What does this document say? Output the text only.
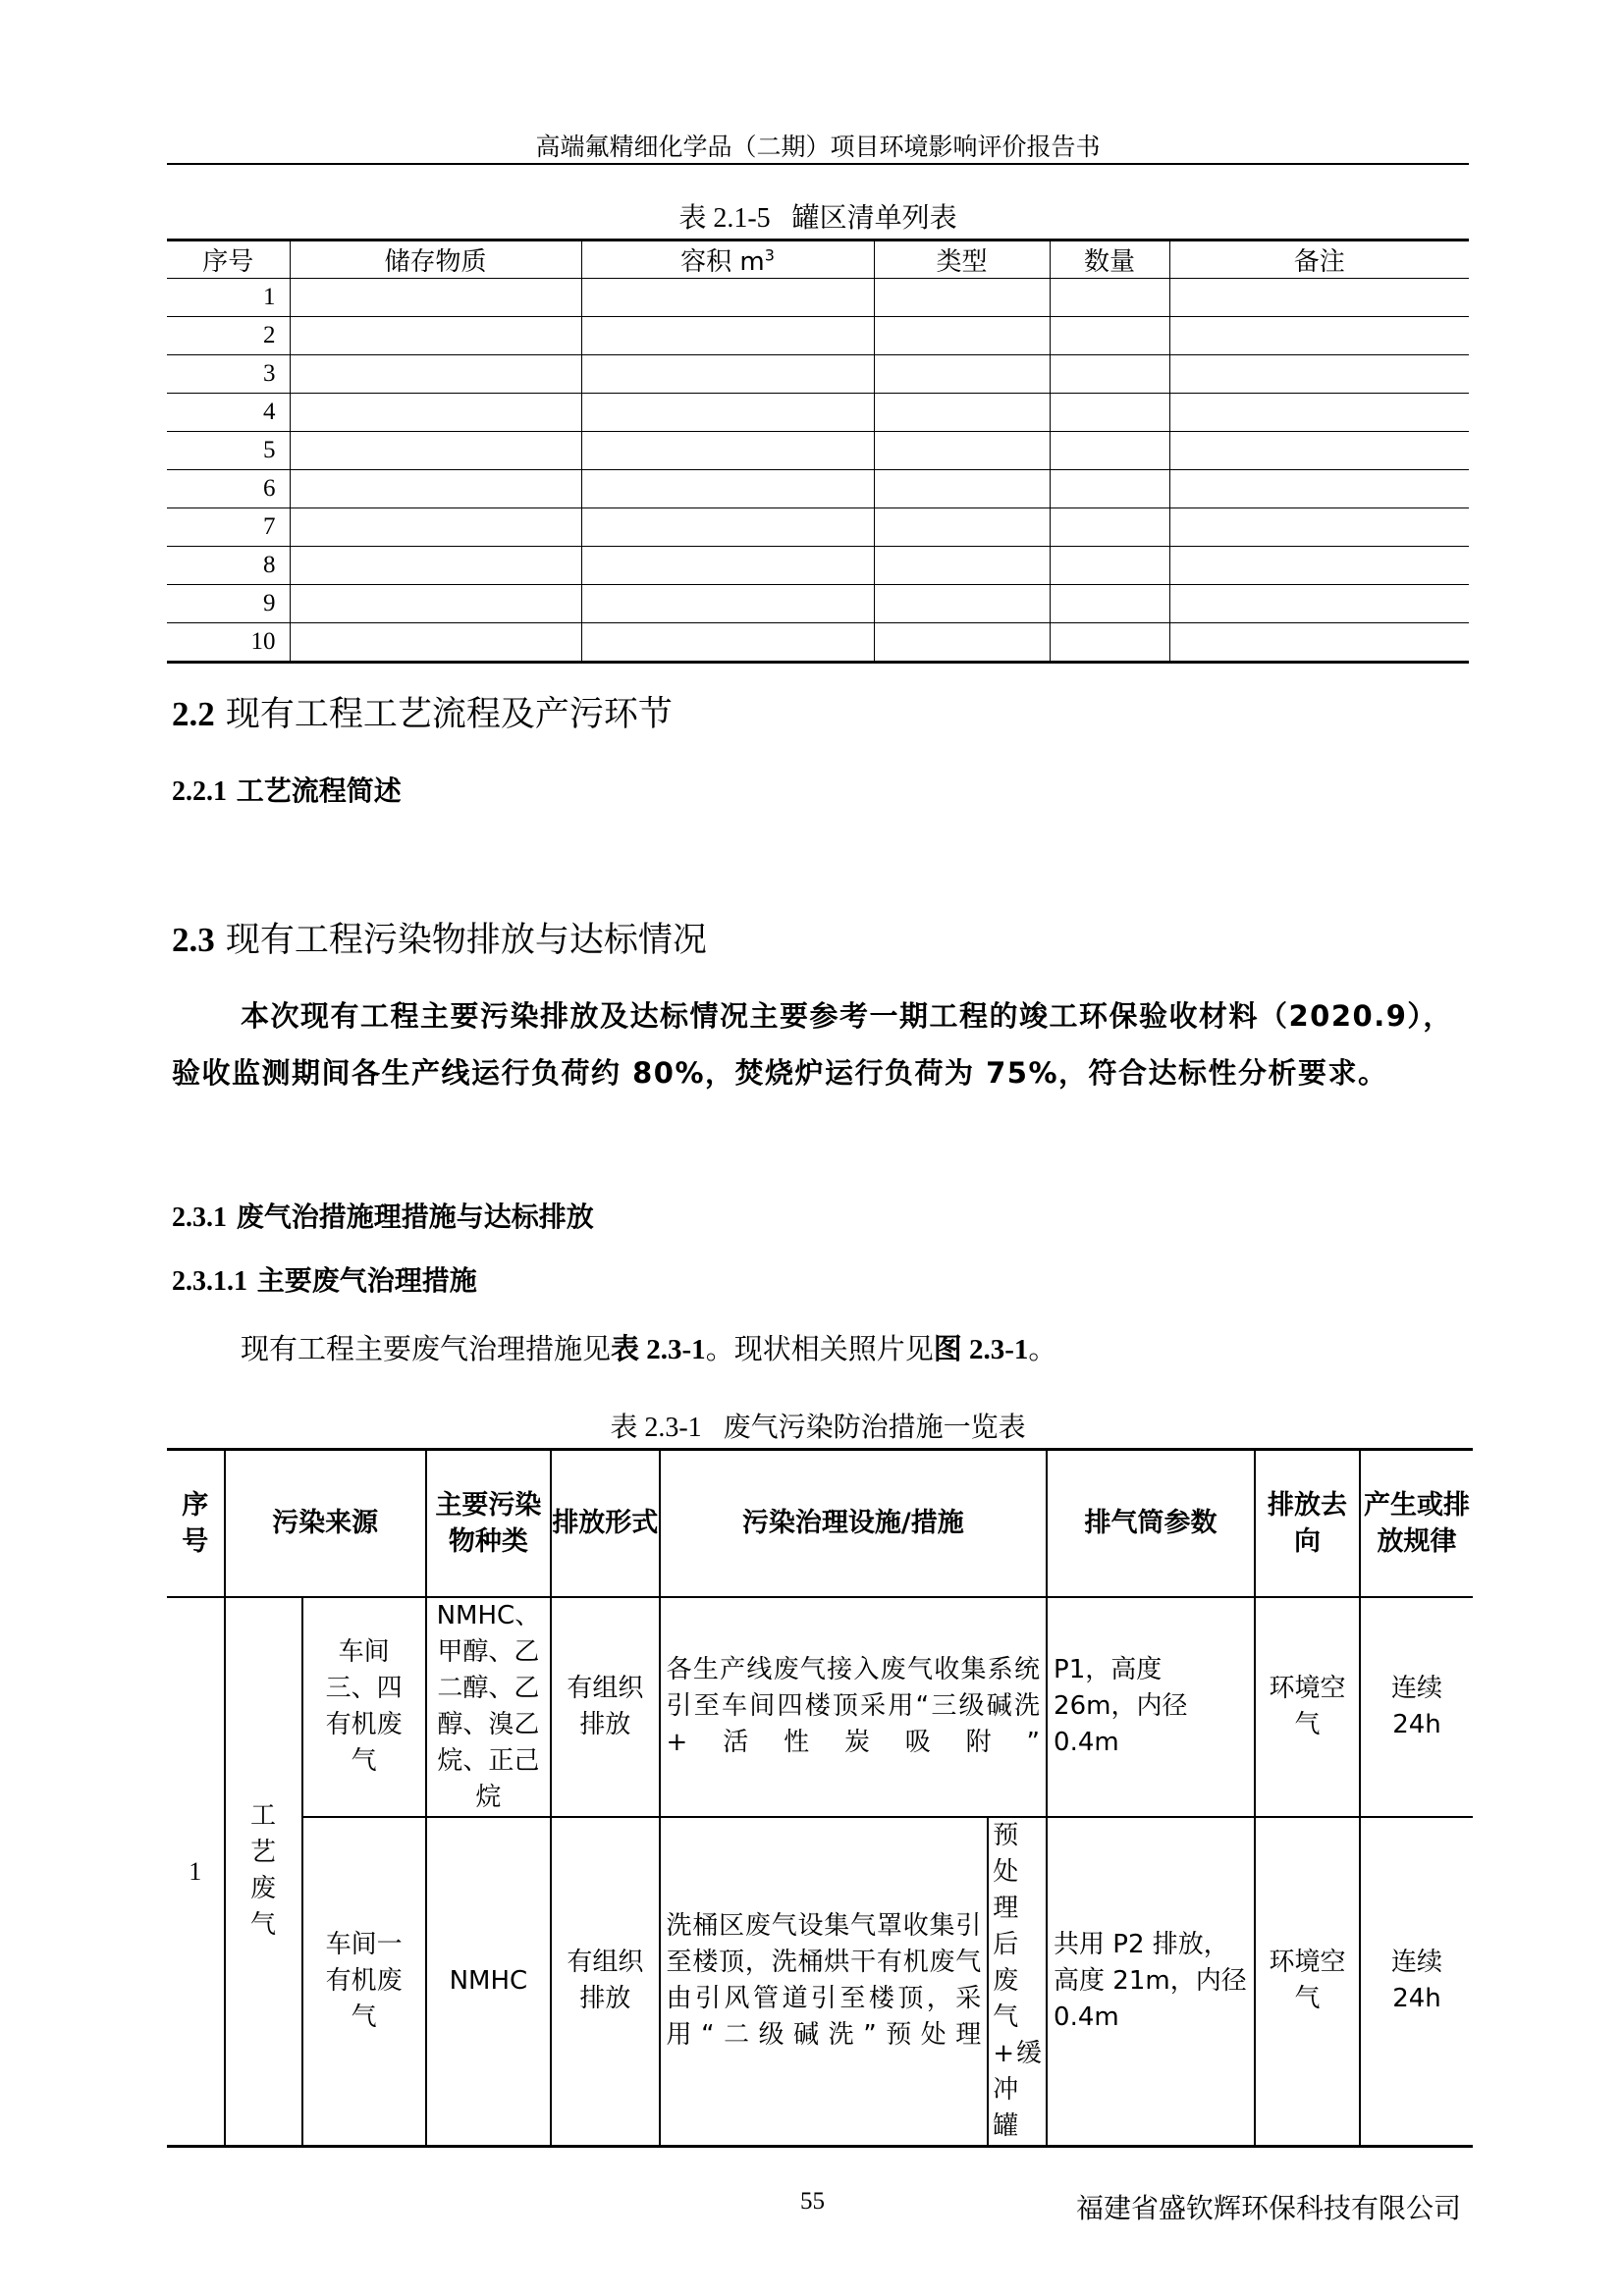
高端氟精细化学品（二期）项目环境影响评价报告书
表 2.1-5 罐区清单列表
序号	储存物质	容积 $m^3$	类型	数量	备注
1					
2					
3					
4					
5					
6					
7					
8					
9					
10					
2.2 现有工程工艺流程及产污环节
2.2.1 工艺流程简述
2.3 现有工程污染物排放与达标情况
本次现有工程主要污染排放及达标情况主要参考一期工程的竣工环保验收材料（2020.9），验收监测期间各生产线运行负荷约 80%，焚烧炉运行负荷为 75%，符合达标性分析要求。
2.3.1 废气治措施理措施与达标排放
2.3.1.1 主要废气治理措施
现有工程主要废气治理措施见表 2.3-1。现状相关照片见图 2.3-1。
表 2.3-1 废气污染防治措施一览表
序号	污染来源		主要污染物种类	排放形式	污染治理设施/措施		排气筒参数	排放去向	产生或排放规律
1	工艺废气	车间三、四有机废气	NMHC、甲醇、乙二醇、乙醇、溴乙烷、正己烷	有组织排放	各生产线废气接入废气收集系统引至车间四楼顶采用“三级碱洗+活性炭吸附”		P1，高度 26m，内径 0.4m	环境空气	连续 24h
		车间一有机废气	NMHC	有组织排放	洗桶区废气设集气罩收集引至楼顶，洗桶烘干有机废气由引风管道引至楼顶，采用“二级碱洗”预处理	预处理后废气+缓冲罐	共用 P2 排放，高度 21m，内径 0.4m	环境空气	连续 24h
55	福建省盛钦辉环保科技有限公司
